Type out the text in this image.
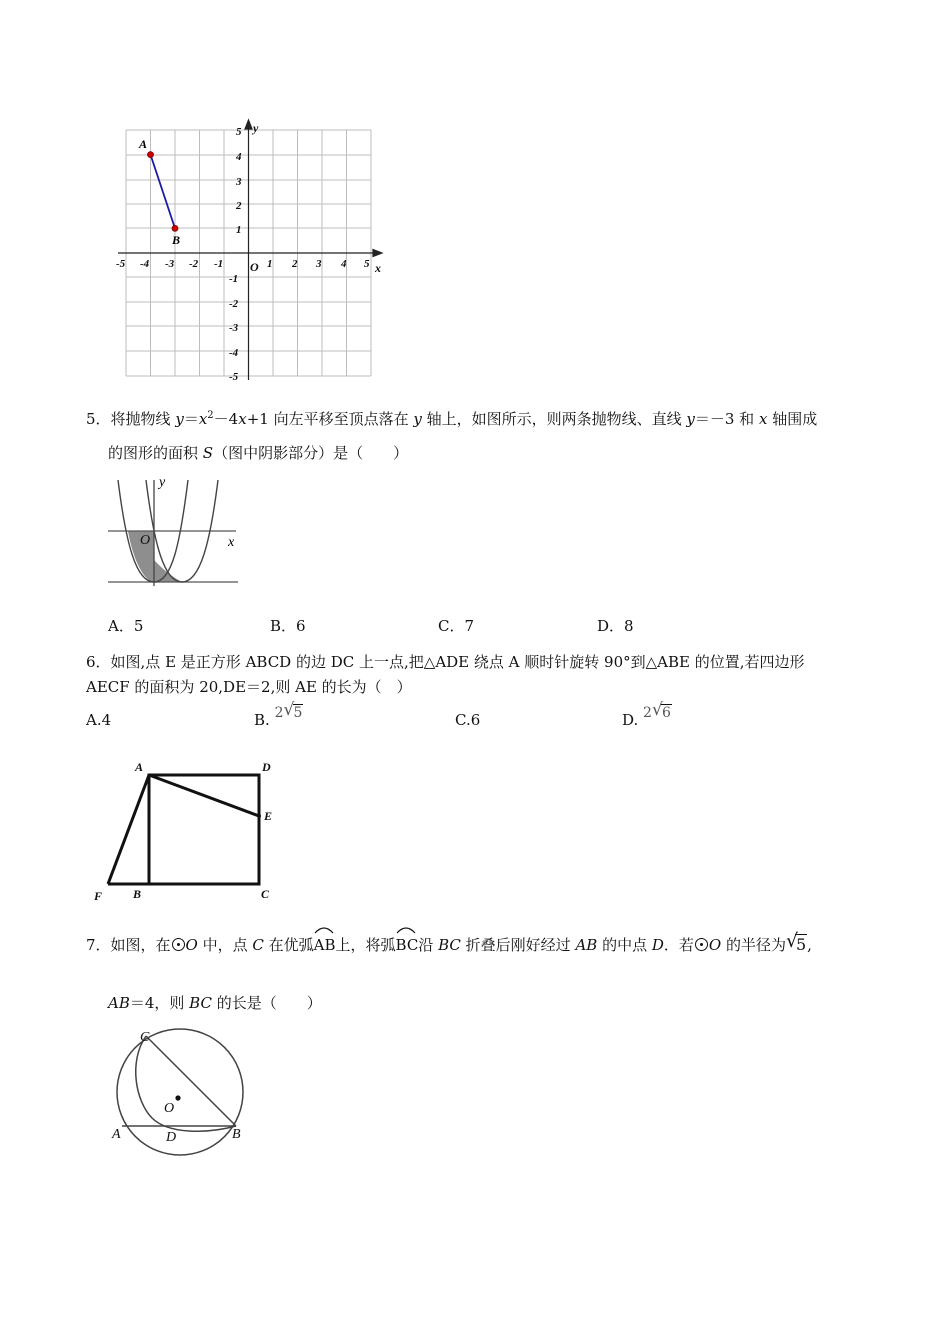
x
y
O
-5 -4 -3 -2 -1	1 2 3 4 5
5
4
3
2
1
-1
-2
-3
-4
-5
A
B
5．将抛物线 $y=x^2-4x+1$ 向左平移至顶点落在 y 轴上，如图所示，则两条抛物线、直线 y＝－3 和 x 轴围成
的图形的面积 S（图中阴影部分）是（　　）
y
x
O
A．5	B．6	C．7	D．8
6．如图,点 E 是正方形 ABCD 的边 DC 上一点,把△ADE 绕点 A 顺时针旋转 90°到△ABE 的位置,若四边形
AECF 的面积为 20,DE＝2,则 AE 的长为（　）
A.4	B. 2 √ 5	C.6	D. 2 √ 6
A	D
E
F	B	C
7．如图，在 O 中，点 C 在优弧
AB上，将弧
BC沿 BC 折叠后刚好经过 AB 的中点 D．若 O 的半径为 √
5,
AB＝4，则 BC 的长是（　　）
C
O
A	D	B
